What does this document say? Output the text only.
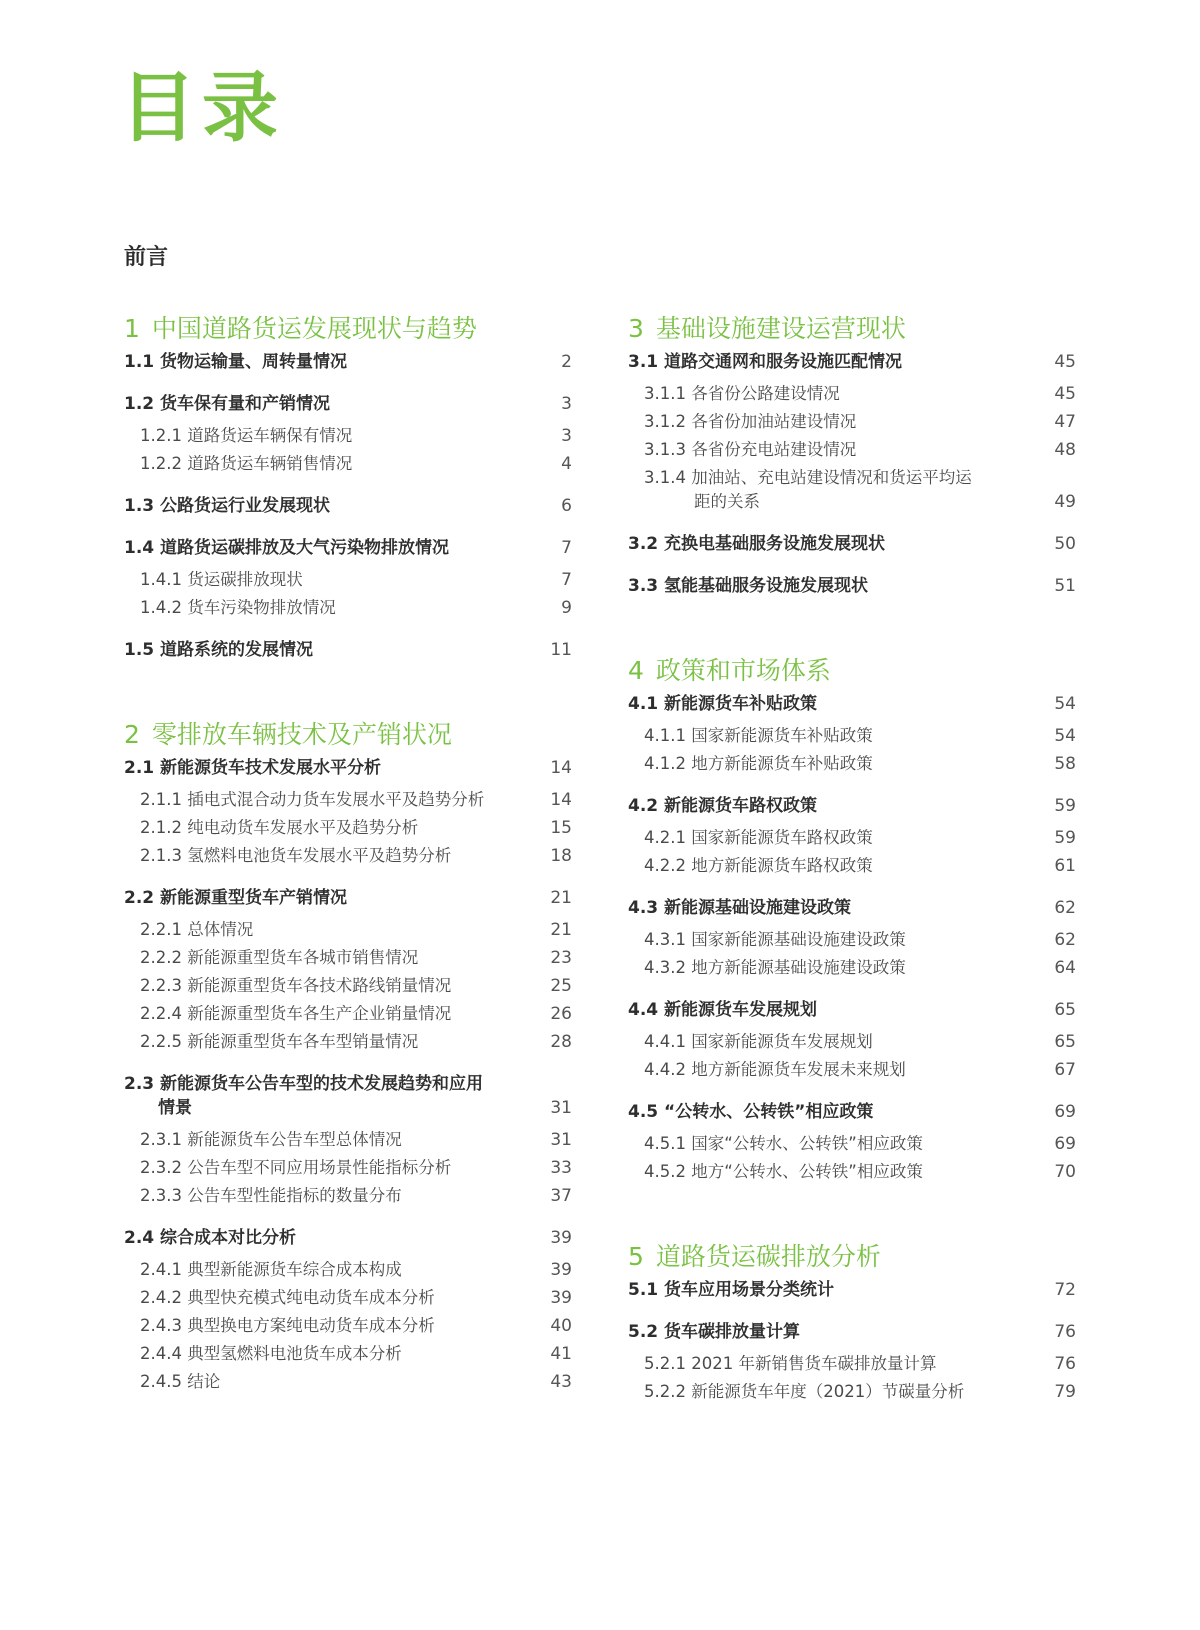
目录
前言
1 中国道路货运发展现状与趋势
1.1 货物运输量、周转量情况	2
1.2 货车保有量和产销情况	3
1.2.1 道路货运车辆保有情况	3
1.2.2 道路货运车辆销售情况	4
1.3 公路货运行业发展现状	6
1.4 道路货运碳排放及大气污染物排放情况	7
1.4.1 货运碳排放现状	7
1.4.2 货车污染物排放情况	9
1.5 道路系统的发展情况	11
2 零排放车辆技术及产销状况
2.1 新能源货车技术发展水平分析	14
2.1.1 插电式混合动力货车发展水平及趋势分析	14
2.1.2 纯电动货车发展水平及趋势分析	15
2.1.3 氢燃料电池货车发展水平及趋势分析	18
2.2 新能源重型货车产销情况	21
2.2.1 总体情况	21
2.2.2 新能源重型货车各城市销售情况	23
2.2.3 新能源重型货车各技术路线销量情况	25
2.2.4 新能源重型货车各生产企业销量情况	26
2.2.5 新能源重型货车各车型销量情况	28
2.3 新能源货车公告车型的技术发展趋势和应用
情景	31
2.3.1 新能源货车公告车型总体情况	31
2.3.2 公告车型不同应用场景性能指标分析	33
2.3.3 公告车型性能指标的数量分布	37
2.4 综合成本对比分析	39
2.4.1 典型新能源货车综合成本构成	39
2.4.2 典型快充模式纯电动货车成本分析	39
2.4.3 典型换电方案纯电动货车成本分析	40
2.4.4 典型氢燃料电池货车成本分析	41
2.4.5 结论	43
3 基础设施建设运营现状
3.1 道路交通网和服务设施匹配情况	45
3.1.1 各省份公路建设情况	45
3.1.2 各省份加油站建设情况	47
3.1.3 各省份充电站建设情况	48
3.1.4 加油站、充电站建设情况和货运平均运
距的关系	49
3.2 充换电基础服务设施发展现状	50
3.3 氢能基础服务设施发展现状	51
4 政策和市场体系
4.1 新能源货车补贴政策	54
4.1.1 国家新能源货车补贴政策	54
4.1.2 地方新能源货车补贴政策	58
4.2 新能源货车路权政策	59
4.2.1 国家新能源货车路权政策	59
4.2.2 地方新能源货车路权政策	61
4.3 新能源基础设施建设政策	62
4.3.1 国家新能源基础设施建设政策	62
4.3.2 地方新能源基础设施建设政策	64
4.4 新能源货车发展规划	65
4.4.1 国家新能源货车发展规划	65
4.4.2 地方新能源货车发展未来规划	67
4.5 “公转水、公转铁”相应政策	69
4.5.1 国家“公转水、公转铁”相应政策	69
4.5.2 地方“公转水、公转铁”相应政策	70
5 道路货运碳排放分析
5.1 货车应用场景分类统计	72
5.2 货车碳排放量计算	76
5.2.1 2021 年新销售货车碳排放量计算	76
5.2.2 新能源货车年度（2021）节碳量分析	79
